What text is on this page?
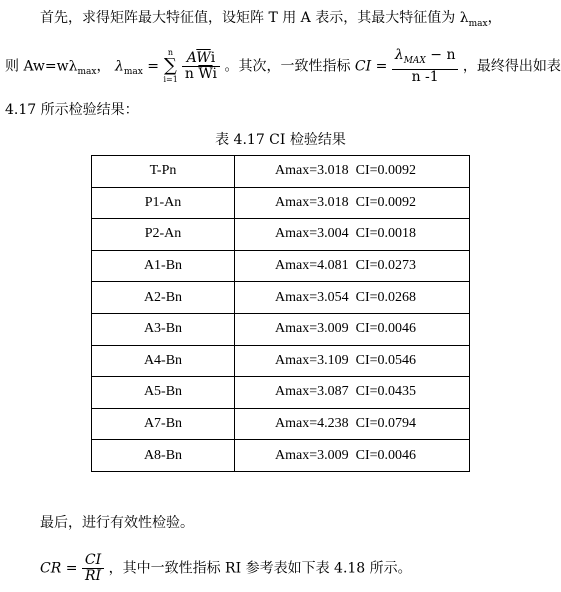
首先，求得矩阵最大特征值，设矩阵 T 用 A 表示，其最大特征值为 $\lambda_{max}$，
则 $Aw=w\lambda_{max}$， $\lambda_{max}$ =
n
∑
i=1
$\frac{A\overline{W}i}{n \overline{W}i}$ 。其次，一致性指标 CI = $\frac{\lambda_{MAX} - n}{n -1}$ ，最终得出如表
4.17 所示检验结果：
表 4.17 CI 检验结果
T-Pn	Amax=3.018  CI=0.0092
P1-An	Amax=3.018  CI=0.0092
P2-An	Amax=3.004  CI=0.0018
A1-Bn	Amax=4.081  CI=0.0273
A2-Bn	Amax=3.054  CI=0.0268
A3-Bn	Amax=3.009  CI=0.0046
A4-Bn	Amax=3.109  CI=0.0546
A5-Bn	Amax=3.087  CI=0.0435
A7-Bn	Amax=4.238  CI=0.0794
A8-Bn	Amax=3.009  CI=0.0046
最后，进行有效性检验。
CR = $\frac{CI}{RI}$ ，其中一致性指标 RI 参考表如下表 4.18 所示。
